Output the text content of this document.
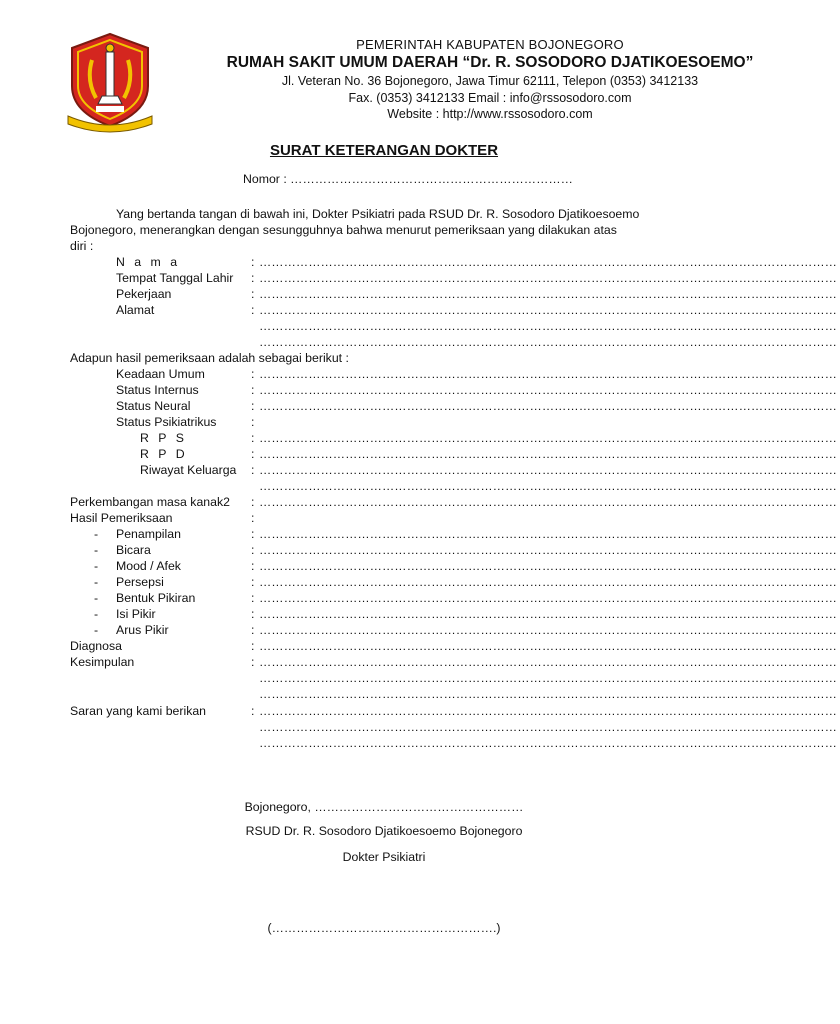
PEMERINTAH KABUPATEN BOJONEGORO
RUMAH SAKIT UMUM DAERAH “Dr. R. SOSODORO DJATIKOESOEMO”
Jl. Veteran No. 36 Bojonegoro, Jawa Timur 62111, Telepon (0353) 3412133
Fax. (0353) 3412133 Email : info@rssosodoro.com
Website : http://www.rssosodoro.com
SURAT KETERANGAN DOKTER
Nomor : ……………………………………………………………
Yang bertanda tangan di bawah ini, Dokter Psikiatri pada RSUD Dr. R. Sosodoro Djatikoesoemo
Bojonegoro, menerangkan dengan sesungguhnya bahwa menurut pemeriksaan yang dilakukan atas
diri :
N a m a	: ……………………………………………………………………………………………………………………………
Tempat Tanggal Lahir : ……………………………………………………………………………………………………………………………
Pekerjaan	: ……………………………………………………………………………………………………………………………
Alamat	: ……………………………………………………………………………………………………………………………
……………………………………………………………………………………………………………………………
……………………………………………………………………………………………………………………………
Adapun hasil pemeriksaan adalah sebagai berikut :
Keadaan Umum	: ……………………………………………………………………………………………………………………………
Status Internus	: ……………………………………………………………………………………………………………………………
Status Neural	: ……………………………………………………………………………………………………………………………
Status Psikiatrikus	:
R P S	: ……………………………………………………………………………………………………………………………
R P D	: ……………………………………………………………………………………………………………………………
Riwayat Keluarga : ……………………………………………………………………………………………………………………………
……………………………………………………………………………………………………………………………
Perkembangan masa kanak2 : ……………………………………………………………………………………………………………………………
Hasil Pemeriksaan	:
- Penampilan	: ……………………………………………………………………………………………………………………………
- Bicara	: ……………………………………………………………………………………………………………………………
- Mood / Afek	: ……………………………………………………………………………………………………………………………
- Persepsi	: ……………………………………………………………………………………………………………………………
- Bentuk Pikiran	: ……………………………………………………………………………………………………………………………
- Isi Pikir	: ……………………………………………………………………………………………………………………………
- Arus Pikir	: ……………………………………………………………………………………………………………………………
Diagnosa	: ……………………………………………………………………………………………………………………………
Kesimpulan	: ……………………………………………………………………………………………………………………………
……………………………………………………………………………………………………………………………
……………………………………………………………………………………………………………………………
Saran yang kami berikan	: ……………………………………………………………………………………………………………………………
……………………………………………………………………………………………………………………………
……………………………………………………………………………………………………………………………
Bojonegoro, ……………………………………………
RSUD Dr. R. Sosodoro Djatikoesoemo Bojonegoro
Dokter Psikiatri
(……………………………………………….)
